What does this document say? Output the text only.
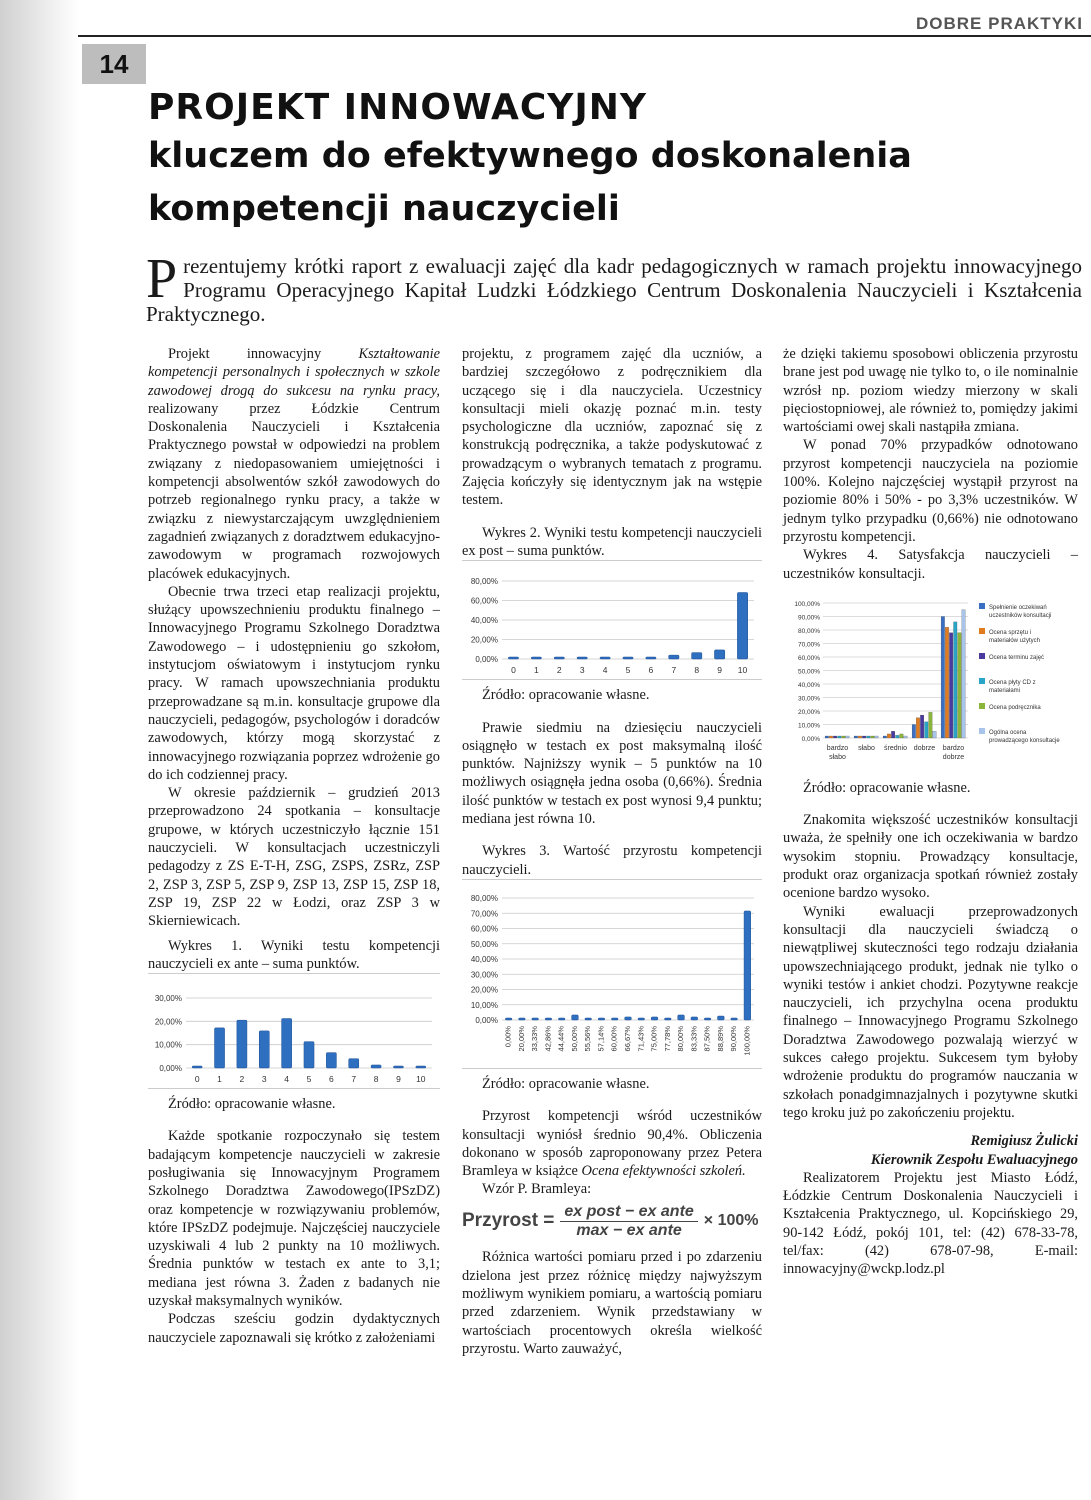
DOBRE PRAKTYKI
14
PROJEKT INNOWACYJNY
kluczem do efektywnego doskonalenia
kompetencji nauczycieli
Prezentujemy krótki raport z ewaluacji zajęć dla kadr pedagogicznych w ramach projektu innowacyjnego Programu Operacyjnego Kapitał Ludzki Łódzkiego Centrum Doskonalenia Nauczycieli i Kształcenia Praktycznego.

Projekt innowacyjny Kształtowanie kompetencji personalnych i społecznych w szkole zawodowej drogą do sukcesu na rynku pracy, realizowany przez Łódzkie Centrum Doskonalenia Nauczycieli i Kształcenia Praktycznego powstał w odpowiedzi na problem związany z niedopasowaniem umiejętności i kompetencji absolwentów szkół zawodowych do potrzeb regionalnego rynku pracy, a także w związku z niewystarczającym uwzględnieniem zagadnień związanych z doradztwem edukacyjno-zawodowym w programach rozwojowych placówek edukacyjnych.

Obecnie trwa trzeci etap realizacji projektu, służący upowszechnieniu produktu finalnego – Innowacyjnego Programu Szkolnego Doradztwa Zawodowego – i udostępnieniu go szkołom, instytucjom oświatowym i instytucjom rynku pracy. W ramach upowszechniania produktu przeprowadzane są m.in. konsultacje grupowe dla nauczycieli, pedagogów, psychologów i doradców zawodowych, którzy mogą skorzystać z innowacyjnego rozwiązania poprzez wdrożenie go do ich codziennej pracy.

W okresie październik – grudzień 2013 przeprowadzono 24 spotkania – konsultacje grupowe, w których uczestniczyło łącznie 151 nauczycieli. W konsultacjach uczestniczyli pedagodzy z ZS E-T-H, ZSG, ZSPS, ZSRz, ZSP 2, ZSP 3, ZSP 5, ZSP 9, ZSP 13, ZSP 15, ZSP 18, ZSP 19, ZSP 22 w Łodzi, oraz ZSP 3 w Skierniewicach.

Wykres 1. Wyniki testu kompetencji nauczycieli ex ante – suma punktów.

0,00%
10,00%
20,00%
30,00%
0 1 2 3 4 5 6 7 8 9 10

Źródło: opracowanie własne.

Każde spotkanie rozpoczynało się testem badającym kompetencje nauczycieli w zakresie posługiwania się Innowacyjnym Programem Szkolnego Doradztwa Zawodowego(IPSzDZ) oraz kompetencje w rozwiązywaniu problemów, które IPSzDZ podejmuje. Najczęściej nauczyciele uzyskiwali 4 lub 2 punkty na 10 możliwych. Średnia punktów w testach ex ante to 3,1; mediana jest równa 3. Żaden z badanych nie uzyskał maksymalnych wyników.

Podczas sześciu godzin dydaktycznych nauczyciele zapoznawali się krótko z założeniami

projektu, z programem zajęć dla uczniów, a bardziej szczegółowo z podręcznikiem dla uczącego się i dla nauczyciela. Uczestnicy konsultacji mieli okazję poznać m.in. testy psychologiczne dla uczniów, zapoznać się z konstrukcją podręcznika, a także podyskutować z prowadzącym o wybranych tematach z programu. Zajęcia kończyły się identycznym jak na wstępie testem.

Wykres 2. Wyniki testu kompetencji nauczycieli ex post – suma punktów.

0,00%
20,00%
40,00%
60,00%
80,00%
0 1 2 3 4 5 6 7 8 9 10

Źródło: opracowanie własne.

Prawie siedmiu na dziesięciu nauczycieli osiągnęło w testach ex post maksymalną ilość punktów. Najniższy wynik – 5 punktów na 10 możliwych osiągnęła jedna osoba (0,66%). Średnia ilość punktów w testach ex post wynosi 9,4 punktu; mediana jest równa 10.

Wykres 3. Wartość przyrostu kompetencji nauczycieli.

0,00%
10,00%
20,00%
30,00%
40,00%
50,00%
60,00%
70,00%
80,00%
0,00% 20,00% 33,33% 42,86% 44,44% 50,00% 55,56% 57,14% 60,00% 66,67% 71,43% 75,00% 77,78% 80,00% 83,33% 87,50% 88,89% 90,00% 100,00%

Źródło: opracowanie własne.

Przyrost kompetencji wśród uczestników konsultacji wyniósł średnio 90,4%. Obliczenia dokonano w sposób zaproponowany przez Petera Bramleya w książce Ocena efektywności szkoleń.

Wzór P. Bramleya:

Przyrost = $\frac{\text{ex post − ex ante}}{\text{max − ex ante}} \times 100\%$

Różnica wartości pomiaru przed i po zdarzeniu dzielona jest przez różnicę między najwyższym możliwym wynikiem pomiaru, a wartością pomiaru przed zdarzeniem. Wynik przedstawiany w wartościach procentowych określa wielkość przyrostu. Warto zauważyć,

że dzięki takiemu sposobowi obliczenia przyrostu brane jest pod uwagę nie tylko to, o ile nominalnie wzrósł np. poziom wiedzy mierzony w skali pięciostopniowej, ale również to, pomiędzy jakimi wartościami owej skali nastąpiła zmiana.

W ponad 70% przypadków odnotowano przyrost kompetencji nauczyciela na poziomie 100%. Kolejno najczęściej wystąpił przyrost na poziomie 80% i 50% - po 3,3% uczestników. W jednym tylko przypadku (0,66%) nie odnotowano przyrostu kompetencji.

Wykres 4. Satysfakcja nauczycieli – uczestników konsultacji.

0,00%
10,00%
20,00%
30,00%
40,00%
50,00%
60,00%
70,00%
80,00%
90,00%
100,00%
bardzo
słabo
słabo średnio dobrze bardzo
dobrze
Spełnienie oczekiwań
uczestników konsultacji
Ocena sprzętu i
materiałów użytych
Ocena terminu zajęć
Ocena płyty CD z
materiałami
Ocena podręcznika
Ogólna ocena
prowadzącego konsultacje

Źródło: opracowanie własne.

Znakomita większość uczestników konsultacji uważa, że spełniły one ich oczekiwania w bardzo wysokim stopniu. Prowadzący konsultacje, produkt oraz organizacja spotkań również zostały ocenione bardzo wysoko.

Wyniki ewaluacji przeprowadzonych konsultacji dla nauczycieli świadczą o niewątpliwej skuteczności tego rodzaju działania upowszechniającego produkt, jednak nie tylko o wyniki testów i ankiet chodzi. Pozytywne reakcje nauczycieli, ich przychylna ocena produktu finalnego – Innowacyjnego Programu Szkolnego Doradztwa Zawodowego pozwalają wierzyć w sukces całego projektu. Sukcesem tym byłoby wdrożenie produktu do programów nauczania w szkołach ponadgimnazjalnych i pozytywne skutki tego kroku już po zakończeniu projektu.

Remigiusz Żulicki

Kierownik Zespołu Ewaluacyjnego

Realizatorem Projektu jest Miasto Łódź, Łódzkie Centrum Doskonalenia Nauczycieli i Kształcenia Praktycznego, ul. Kopcińskiego 29, 90-142 Łódź, pokój 101, tel: (42) 678-33-78, tel/fax: (42) 678-07-98, E-mail: innowacyjny@wckp.lodz.pl
